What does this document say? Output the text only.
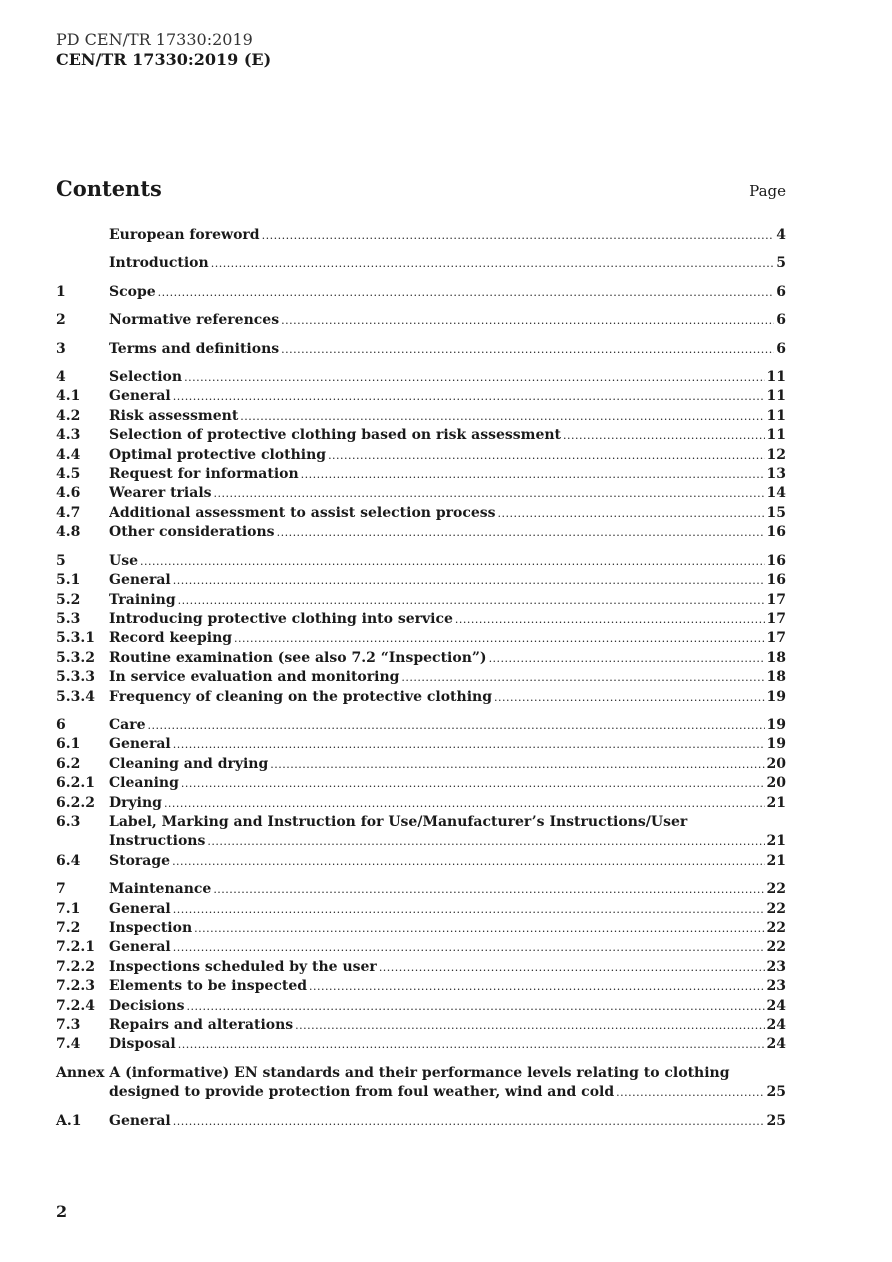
PD CEN/TR 17330:2019
CEN/TR 17330:2019 (E)
Contents	Page
European foreword .....	4
Introduction .....	5
1	Scope .....	6
2	Normative references .....	6
3	Terms and definitions .....	6
4	Selection .....	11
4.1	General .....	11
4.2	Risk assessment .....	11
4.3	Selection of protective clothing based on risk assessment .....	11
4.4	Optimal protective clothing .....	12
4.5	Request for information .....	13
4.6	Wearer trials .....	14
4.7	Additional assessment to assist selection process .....	15
4.8	Other considerations .....	16
5	Use .....	16
5.1	General .....	16
5.2	Training .....	17
5.3	Introducing protective clothing into service .....	17
5.3.1	Record keeping .....	17
5.3.2	Routine examination (see also 7.2 “Inspection”) .....	18
5.3.3	In service evaluation and monitoring .....	18
5.3.4	Frequency of cleaning on the protective clothing .....	19
6	Care .....	19
6.1	General .....	19
6.2	Cleaning and drying .....	20
6.2.1	Cleaning .....	20
6.2.2	Drying .....	21
6.3	Label, Marking and Instruction for Use/Manufacturer’s Instructions/User
Instructions .....	21
6.4	Storage .....	21
7	Maintenance .....	22
7.1	General .....	22
7.2	Inspection .....	22
7.2.1	General .....	22
7.2.2	Inspections scheduled by the user .....	23
7.2.3	Elements to be inspected .....	23
7.2.4	Decisions .....	24
7.3	Repairs and alterations .....	24
7.4	Disposal .....	24
Annex A (informative) EN standards and their performance levels relating to clothing
designed to provide protection from foul weather, wind and cold .....	25
A.1	General .....	25
2
